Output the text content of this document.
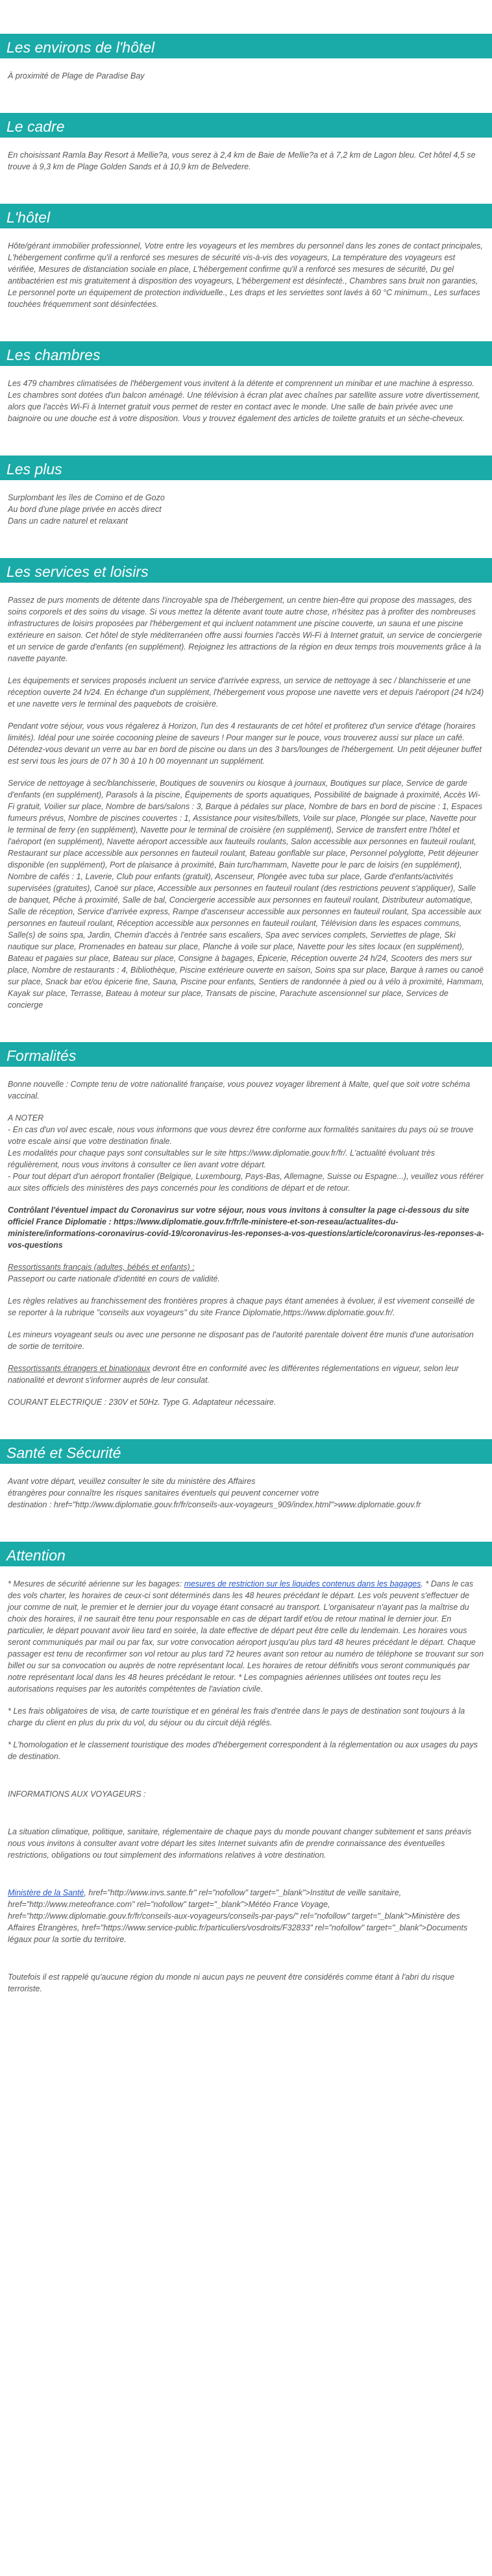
Les environs de l'hôtel

À proximité de Plage de Paradise Bay

Le cadre

En choisissant Ramla Bay Resort à Mellie?a, vous serez à 2,4 km de Baie de Mellie?a et à 7,2 km de Lagon bleu. Cet hôtel 4,5 se trouve à 9,3 km de Plage Golden Sands et à 10,9 km de Belvedere.

L'hôtel

Hôte/gérant immobilier professionnel, Votre entre les voyageurs et les membres du personnel dans les zones de contact principales, L'hébergement confirme qu'il a renforcé ses mesures de sécurité vis-à-vis des voyageurs, La température des voyageurs est vérifiée, Mesures de distanciation sociale en place, L'hébergement confirme qu'il a renforcé ses mesures de sécurité, Du gel antibactérien est mis gratuitement à disposition des voyageurs, L'hébergement est désinfecté., Chambres sans bruit non garanties, Le personnel porte un équipement de protection individuelle., Les draps et les serviettes sont lavés à 60 °C minimum., Les surfaces touchées fréquemment sont désinfectées.

Les chambres

Les 479 chambres climatisées de l'hébergement vous invitent à la détente et comprennent un minibar et une machine à espresso. Les chambres sont dotées d'un balcon aménagé. Une télévision à écran plat avec chaînes par satellite assure votre divertissement, alors que l'accès Wi-Fi à Internet gratuit vous permet de rester en contact avec le monde. Une salle de bain privée avec une baignoire ou une douche est à votre disposition. Vous y trouvez également des articles de toilette gratuits et un sèche-cheveux.

Les plus

Surplombant les îles de Comino et de Gozo

Au bord d'une plage privée en accès direct

Dans un cadre naturel et relaxant

Les services et loisirs

Passez de purs moments de détente dans l'incroyable spa de l'hébergement, un centre bien-être qui propose des massages, des soins corporels et des soins du visage. Si vous mettez la détente avant toute autre chose, n'hésitez pas à profiter des nombreuses infrastructures de loisirs proposées par l'hébergement et qui incluent notamment une piscine couverte, un sauna et une piscine extérieure en saison. Cet hôtel de style méditerranéen offre aussi fournies l'accès Wi-Fi à Internet gratuit, un service de conciergerie et un service de garde d'enfants (en supplément). Rejoignez les attractions de la région en deux temps trois mouvements grâce à la navette payante.

Les équipements et services proposés incluent un service d'arrivée express, un service de nettoyage à sec / blanchisserie et une réception ouverte 24 h/24. En échange d'un supplément, l'hébergement vous propose une navette vers et depuis l'aéroport (24 h/24) et une navette vers le terminal des paquebots de croisière.

Pendant votre séjour, vous vous régalerez à Horizon, l'un des 4 restaurants de cet hôtel et profiterez d'un service d'étage (horaires limités). Idéal pour une soirée cocooning pleine de saveurs ! Pour manger sur le pouce, vous trouverez aussi sur place un café. Détendez-vous devant un verre au bar en bord de piscine ou dans un des 3 bars/lounges de l'hébergement. Un petit déjeuner buffet est servi tous les jours de 07 h 30 à 10 h 00 moyennant un supplément.

Service de nettoyage à sec/blanchisserie, Boutiques de souvenirs ou kiosque à journaux, Boutiques sur place, Service de garde d'enfants (en supplément), Parasols à la piscine, Équipements de sports aquatiques, Possibilité de baignade à proximité, Accès Wi-Fi gratuit, Voilier sur place, Nombre de bars/salons : 3, Barque à pédales sur place, Nombre de bars en bord de piscine : 1, Espaces fumeurs prévus, Nombre de piscines couvertes : 1, Assistance pour visites/billets, Voile sur place, Plongée sur place, Navette pour le terminal de ferry (en supplément), Navette pour le terminal de croisière (en supplément), Service de transfert entre l'hôtel et l'aéroport (en supplément), Navette aéroport accessible aux fauteuils roulants, Salon accessible aux personnes en fauteuil roulant, Restaurant sur place accessible aux personnes en fauteuil roulant, Bateau gonflable sur place, Personnel polyglotte, Petit déjeuner disponible (en supplément), Port de plaisance à proximité, Bain turc/hammam, Navette pour le parc de loisirs (en supplément), Nombre de cafés : 1, Laverie, Club pour enfants (gratuit), Ascenseur, Plongée avec tuba sur place, Garde d'enfants/activités supervisées (gratuites), Canoë sur place, Accessible aux personnes en fauteuil roulant (des restrictions peuvent s'appliquer), Salle de banquet, Pêche à proximité, Salle de bal, Conciergerie accessible aux personnes en fauteuil roulant, Distributeur automatique, Salle de réception, Service d'arrivée express, Rampe d'ascenseur accessible aux personnes en fauteuil roulant, Spa accessible aux personnes en fauteuil roulant, Réception accessible aux personnes en fauteuil roulant, Télévision dans les espaces communs, Salle(s) de soins spa, Jardin, Chemin d'accès à l'entrée sans escaliers, Spa avec services complets, Serviettes de plage, Ski nautique sur place, Promenades en bateau sur place, Planche à voile sur place, Navette pour les sites locaux (en supplément), Bateau et pagaies sur place, Bateau sur place, Consigne à bagages, Épicerie, Réception ouverte 24 h/24, Scooters des mers sur place, Nombre de restaurants : 4, Bibliothèque, Piscine extérieure ouverte en saison, Soins spa sur place, Barque à rames ou canoë sur place, Snack bar et/ou épicerie fine, Sauna, Piscine pour enfants, Sentiers de randonnée à pied ou à vélo à proximité, Hammam, Kayak sur place, Terrasse, Bateau à moteur sur place, Transats de piscine, Parachute ascensionnel sur place, Services de concierge

Formalités

Bonne nouvelle : Compte tenu de votre nationalité française, vous pouvez voyager librement à Malte, quel que soit votre schéma vaccinal.

A NOTER
- En cas d'un vol avec escale, nous vous informons que vous devrez être conforme aux formalités sanitaires du pays où se trouve votre escale ainsi que votre destination finale.
Les modalités pour chaque pays sont consultables sur le site https://www.diplomatie.gouv.fr/fr/. L'actualité évoluant très régulièrement, nous vous invitons à consulter ce lien avant votre départ.
- Pour tout départ d'un aéroport frontalier (Belgique, Luxembourg, Pays-Bas, Allemagne, Suisse ou Espagne...), veuillez vous référer aux sites officiels des ministères des pays concernés pour les conditions de départ et de retour.

Contrôlant l'éventuel impact du Coronavirus sur votre séjour, nous vous invitons à consulter la page ci-dessous du site officiel France Diplomatie : https://www.diplomatie.gouv.fr/fr/le-ministere-et-son-reseau/actualites-du-ministere/informations-coronavirus-covid-19/coronavirus-les-reponses-a-vos-questions/article/coronavirus-les-reponses-a-vos-questions

Ressortissants français (adultes, bébés et enfants) :
Passeport ou carte nationale d'identité en cours de validité.

Les règles relatives au franchissement des frontières propres à chaque pays étant amenées à évoluer, il est vivement conseillé de se reporter à la rubrique "conseils aux voyageurs" du site France Diplomatie,https://www.diplomatie.gouv.fr/.

Les mineurs voyageant seuls ou avec une personne ne disposant pas de l'autorité parentale doivent être munis d'une autorisation de sortie de territoire.

Ressortissants étrangers et binationaux devront être en conformité avec les différentes réglementations en vigueur, selon leur nationalité et devront s'informer auprès de leur consulat.

COURANT ELECTRIQUE : 230V et 50Hz. Type G. Adaptateur nécessaire.

Santé et Sécurité

Avant votre départ, veuillez consulter le site du ministère des Affaires
étrangères pour connaître les risques sanitaires éventuels qui peuvent concerner votre
destination : href="http://www.diplomatie.gouv.fr/fr/conseils-aux-voyageurs_909/index.html">www.diplomatie.gouv.fr

Attention

* Mesures de sécurité aérienne sur les bagages: mesures de restriction sur les liquides contenus dans les bagages. * Dans le cas des vols charter, les horaires de ceux-ci sont déterminés dans les 48 heures précédant le départ. Les vols peuvent s'effectuer de jour comme de nuit, le premier et le dernier jour du voyage étant consacré au transport. L'organisateur n'ayant pas la maîtrise du choix des horaires, il ne saurait être tenu pour responsable en cas de départ tardif et/ou de retour matinal le dernier jour. En particulier, le départ pouvant avoir lieu tard en soirée, la date effective de départ peut être celle du lendemain. Les horaires vous seront communiqués par mail ou par fax, sur votre convocation aéroport jusqu'au plus tard 48 heures précédant le départ. Chaque passager est tenu de reconfirmer son vol retour au plus tard 72 heures avant son retour au numéro de téléphone se trouvant sur son billet ou sur sa convocation ou auprès de notre représentant local. Les horaires de retour définitifs vous seront communiqués par notre représentant local dans les 48 heures précédant le retour. * Les compagnies aériennes utilisées ont toutes reçu les autorisations requises par les autorités compétentes de l'aviation civile.

* Les frais obligatoires de visa, de carte touristique et en général les frais d'entrée dans le pays de destination sont toujours à la charge du client en plus du prix du vol, du séjour ou du circuit déjà réglés.

* L'homologation et le classement touristique des modes d'hébergement correspondent à la réglementation ou aux usages du pays de destination.

INFORMATIONS AUX VOYAGEURS :

La situation climatique, politique, sanitaire, réglementaire de chaque pays du monde pouvant changer subitement et sans préavis
nous vous invitons à consulter avant votre départ les sites Internet suivants afin de prendre connaissance des éventuelles restrictions, obligations ou tout simplement des informations relatives à votre destination.

Ministère de la Santé, href="http://www.invs.sante.fr" rel="nofollow" target="_blank">Institut de veille sanitaire, href="http://www.meteofrance.com" rel="nofollow" target="_blank">Météo France Voyage, href="http://www.diplomatie.gouv.fr/fr/conseils-aux-voyageurs/conseils-par-pays/" rel="nofollow" target="_blank">Ministère des Affaires Étrangères, href="https://www.service-public.fr/particuliers/vosdroits/F32833" rel="nofollow" target="_blank">Documents légaux pour la sortie du territoire.

Toutefois il est rappelé qu'aucune région du monde ni aucun pays ne peuvent être considérés comme étant à l'abri du risque terroriste.
